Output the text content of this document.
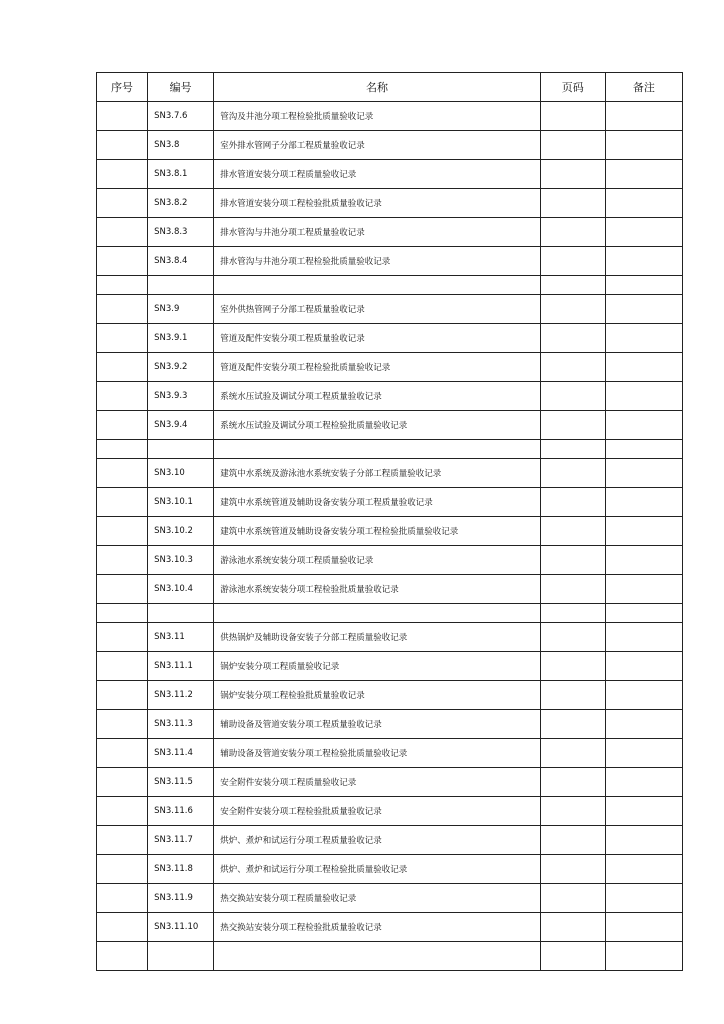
序号	编号	名称	页码	备注
	SN3.7.6	管沟及井池分项工程检验批质量验收记录		
	SN3.8	室外排水管网子分部工程质量验收记录		
	SN3.8.1	排水管道安装分项工程质量验收记录		
	SN3.8.2	排水管道安装分项工程检验批质量验收记录		
	SN3.8.3	排水管沟与井池分项工程质量验收记录		
	SN3.8.4	排水管沟与井池分项工程检验批质量验收记录		

	SN3.9	室外供热管网子分部工程质量验收记录		
	SN3.9.1	管道及配件安装分项工程质量验收记录		
	SN3.9.2	管道及配件安装分项工程检验批质量验收记录		
	SN3.9.3	系统水压试验及调试分项工程质量验收记录		
	SN3.9.4	系统水压试验及调试分项工程检验批质量验收记录		

	SN3.10	建筑中水系统及游泳池水系统安装子分部工程质量验收记录		
	SN3.10.1	建筑中水系统管道及辅助设备安装分项工程质量验收记录		
	SN3.10.2	建筑中水系统管道及辅助设备安装分项工程检验批质量验收记录		
	SN3.10.3	游泳池水系统安装分项工程质量验收记录		
	SN3.10.4	游泳池水系统安装分项工程检验批质量验收记录		

	SN3.11	供热锅炉及辅助设备安装子分部工程质量验收记录		
	SN3.11.1	锅炉安装分项工程质量验收记录		
	SN3.11.2	锅炉安装分项工程检验批质量验收记录		
	SN3.11.3	辅助设备及管道安装分项工程质量验收记录		
	SN3.11.4	辅助设备及管道安装分项工程检验批质量验收记录		
	SN3.11.5	安全附件安装分项工程质量验收记录		
	SN3.11.6	安全附件安装分项工程检验批质量验收记录		
	SN3.11.7	烘炉、煮炉和试运行分项工程质量验收记录		
	SN3.11.8	烘炉、煮炉和试运行分项工程检验批质量验收记录		
	SN3.11.9	热交换站安装分项工程质量验收记录		
	SN3.11.10	热交换站安装分项工程检验批质量验收记录		
